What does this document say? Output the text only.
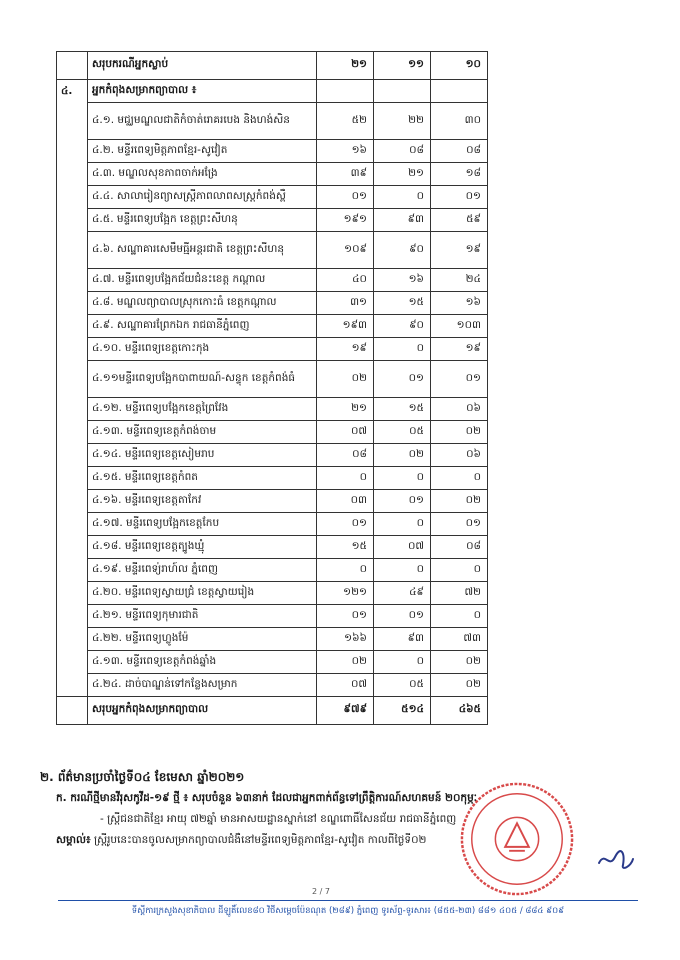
	សរុបករណីអ្នកស្លាប់	២១	១១	១០
៤.	អ្នកកំពុងសម្រាកព្យាបាល ៖			
	៤.១. មជ្ឈមណ្ឌលជាតិកំចាត់រោគរបេង និងហង់សិន	៥២	២២	៣០
	៤.២. មន្ទីរពេទ្យមិត្តភាពខ្មែរ-សូវៀត	១៦	០៨	០៨
	៤.៣. មណ្ឌលសុខភាពចាក់អង្រែ	៣៩	២១	១៨
	៤.៤. សាលារៀនព្យាសស្ត្រីភាពលាពសស្ត្រកំពង់ស្ពឺ	០១	០	០១
	៤.៥. មន្ទីរពេទ្យបង្អែក ខេត្តព្រះសីហនុ	១៩១	៩៣	៥៩
	៤.៦. សណ្ឋាគារសេមឹមធ្មីអន្តរជាតិ ខេត្តព្រះសីហនុ	១០៩	៩០	១៩
	៤.៧. មន្ទីរពេទ្យបង្អែកជ័យជំនះខេត្ត កណ្ដាល	៤០	១៦	២៤
	៤.៨. មណ្ឌលព្យាបាលស្រុកកោះធំ ខេត្តកណ្ដាល	៣១	១៥	១៦
	៤.៩. សណ្ឋាគារព្រែកឯក រាជធានីភ្នំពេញ	១៩៣	៩០	១០៣
	៤.១០. មន្ទីរពេទ្យខេត្តកោះកុង	១៩	០	១៩
	៤.១១មន្ទីរពេទ្យបង្អែកបាពាយណ៍-សន្ទុក ខេត្តកំពង់ធំ	០២	០១	០១
	៤.១២. មន្ទីរពេទ្យបង្អែកខេត្តព្រៃវែង	២១	១៥	០៦
	៤.១៣. មន្ទីរពេទ្យខេត្តកំពង់ចាម	០៧	០៥	០២
	៤.១៤. មន្ទីរពេទ្យខេត្តសៀមរាប	០៨	០២	០៦
	៤.១៥. មន្ទីរពេទ្យខេត្តកំពត	០	០	០
	៤.១៦. មន្ទីរពេទ្យខេត្តតាកែវ	០៣	០១	០២
	៤.១៧. មន្ទីរពេទ្យបង្អែកខេត្តកែប	០១	០	០១
	៤.១៨. មន្ទីរពេទ្យខេត្តត្បូងឃ្មុំ	១៥	០៧	០៨
	៤.១៩. មន្ទីរពេទ្យ់រាហ៍ល ភ្នំពេញ	០	០	០
	៤.២០. មន្ទីរពេទ្យស្វាយជ្រំ ខេត្តស្វាយរៀង	១២១	៤៩	៧២
	៤.២១. មន្ទីរពេទ្យកុមារជាតិ	០១	០១	០
	៤.២២. មន្ទីរពេទ្យហ្លូងម៉ែ	១៦៦	៩៣	៧៣
	៤.១៣. មន្ទីរពេទ្យខេត្តកំពង់ឆ្នាំង	០២	០	០២
	៤.២៤. ដាច់បាណ្ឌន់ទៅកន្លែងសម្រាក	០៧	០៥	០២
	សរុបអ្នកកំពុងសម្រាកព្យាបាល	៩៧៩	៥១៤	៤៦៥
២. ព័ត៌មានប្រចាំថ្ងៃទី០៤ ខែមេសា ឆ្នាំ២០២១
ក. ករណីថ្មីមានវីរុសកូវីដ-១៩ ថ្មី ៖ សរុបចំនួន ៦៣នាក់ ដែលជាអ្នកពាក់ព័ន្ធទៅព្រឹត្តិការណ៍សហគមន៍ ២០កុម្ភៈ
- ស្ត្រីជនជាតិខ្មែរ អាយុ ៧២ឆ្នាំ មានអាសយដ្ឋានស្នាក់នៅ ខណ្ឌពោធិ៍សែនជ័យ រាជធានីភ្នំពេញ
សម្គាល់៖ ស្ត្រីរូបនេះបានចូលសម្រាកព្យាបាលជំងឺនៅមន្ទីរពេទ្យមិត្តភាពខ្មែរ-សូវៀត កាលពីថ្ងៃទី០២
2 / 7
ទីស្តីការក្រសួងសុខាភិបាល ដីឡូតិ៍លេខ៨០ វិថីសម្តេចប៉ែនណុត (២៨៩) ភ្នំពេញ ទូរស័ព្ទ-ទូរសារ៖ (៨៥៥-២៣) ៨៨១ ៤០៥ / ៨៨៤ ៩០៩
